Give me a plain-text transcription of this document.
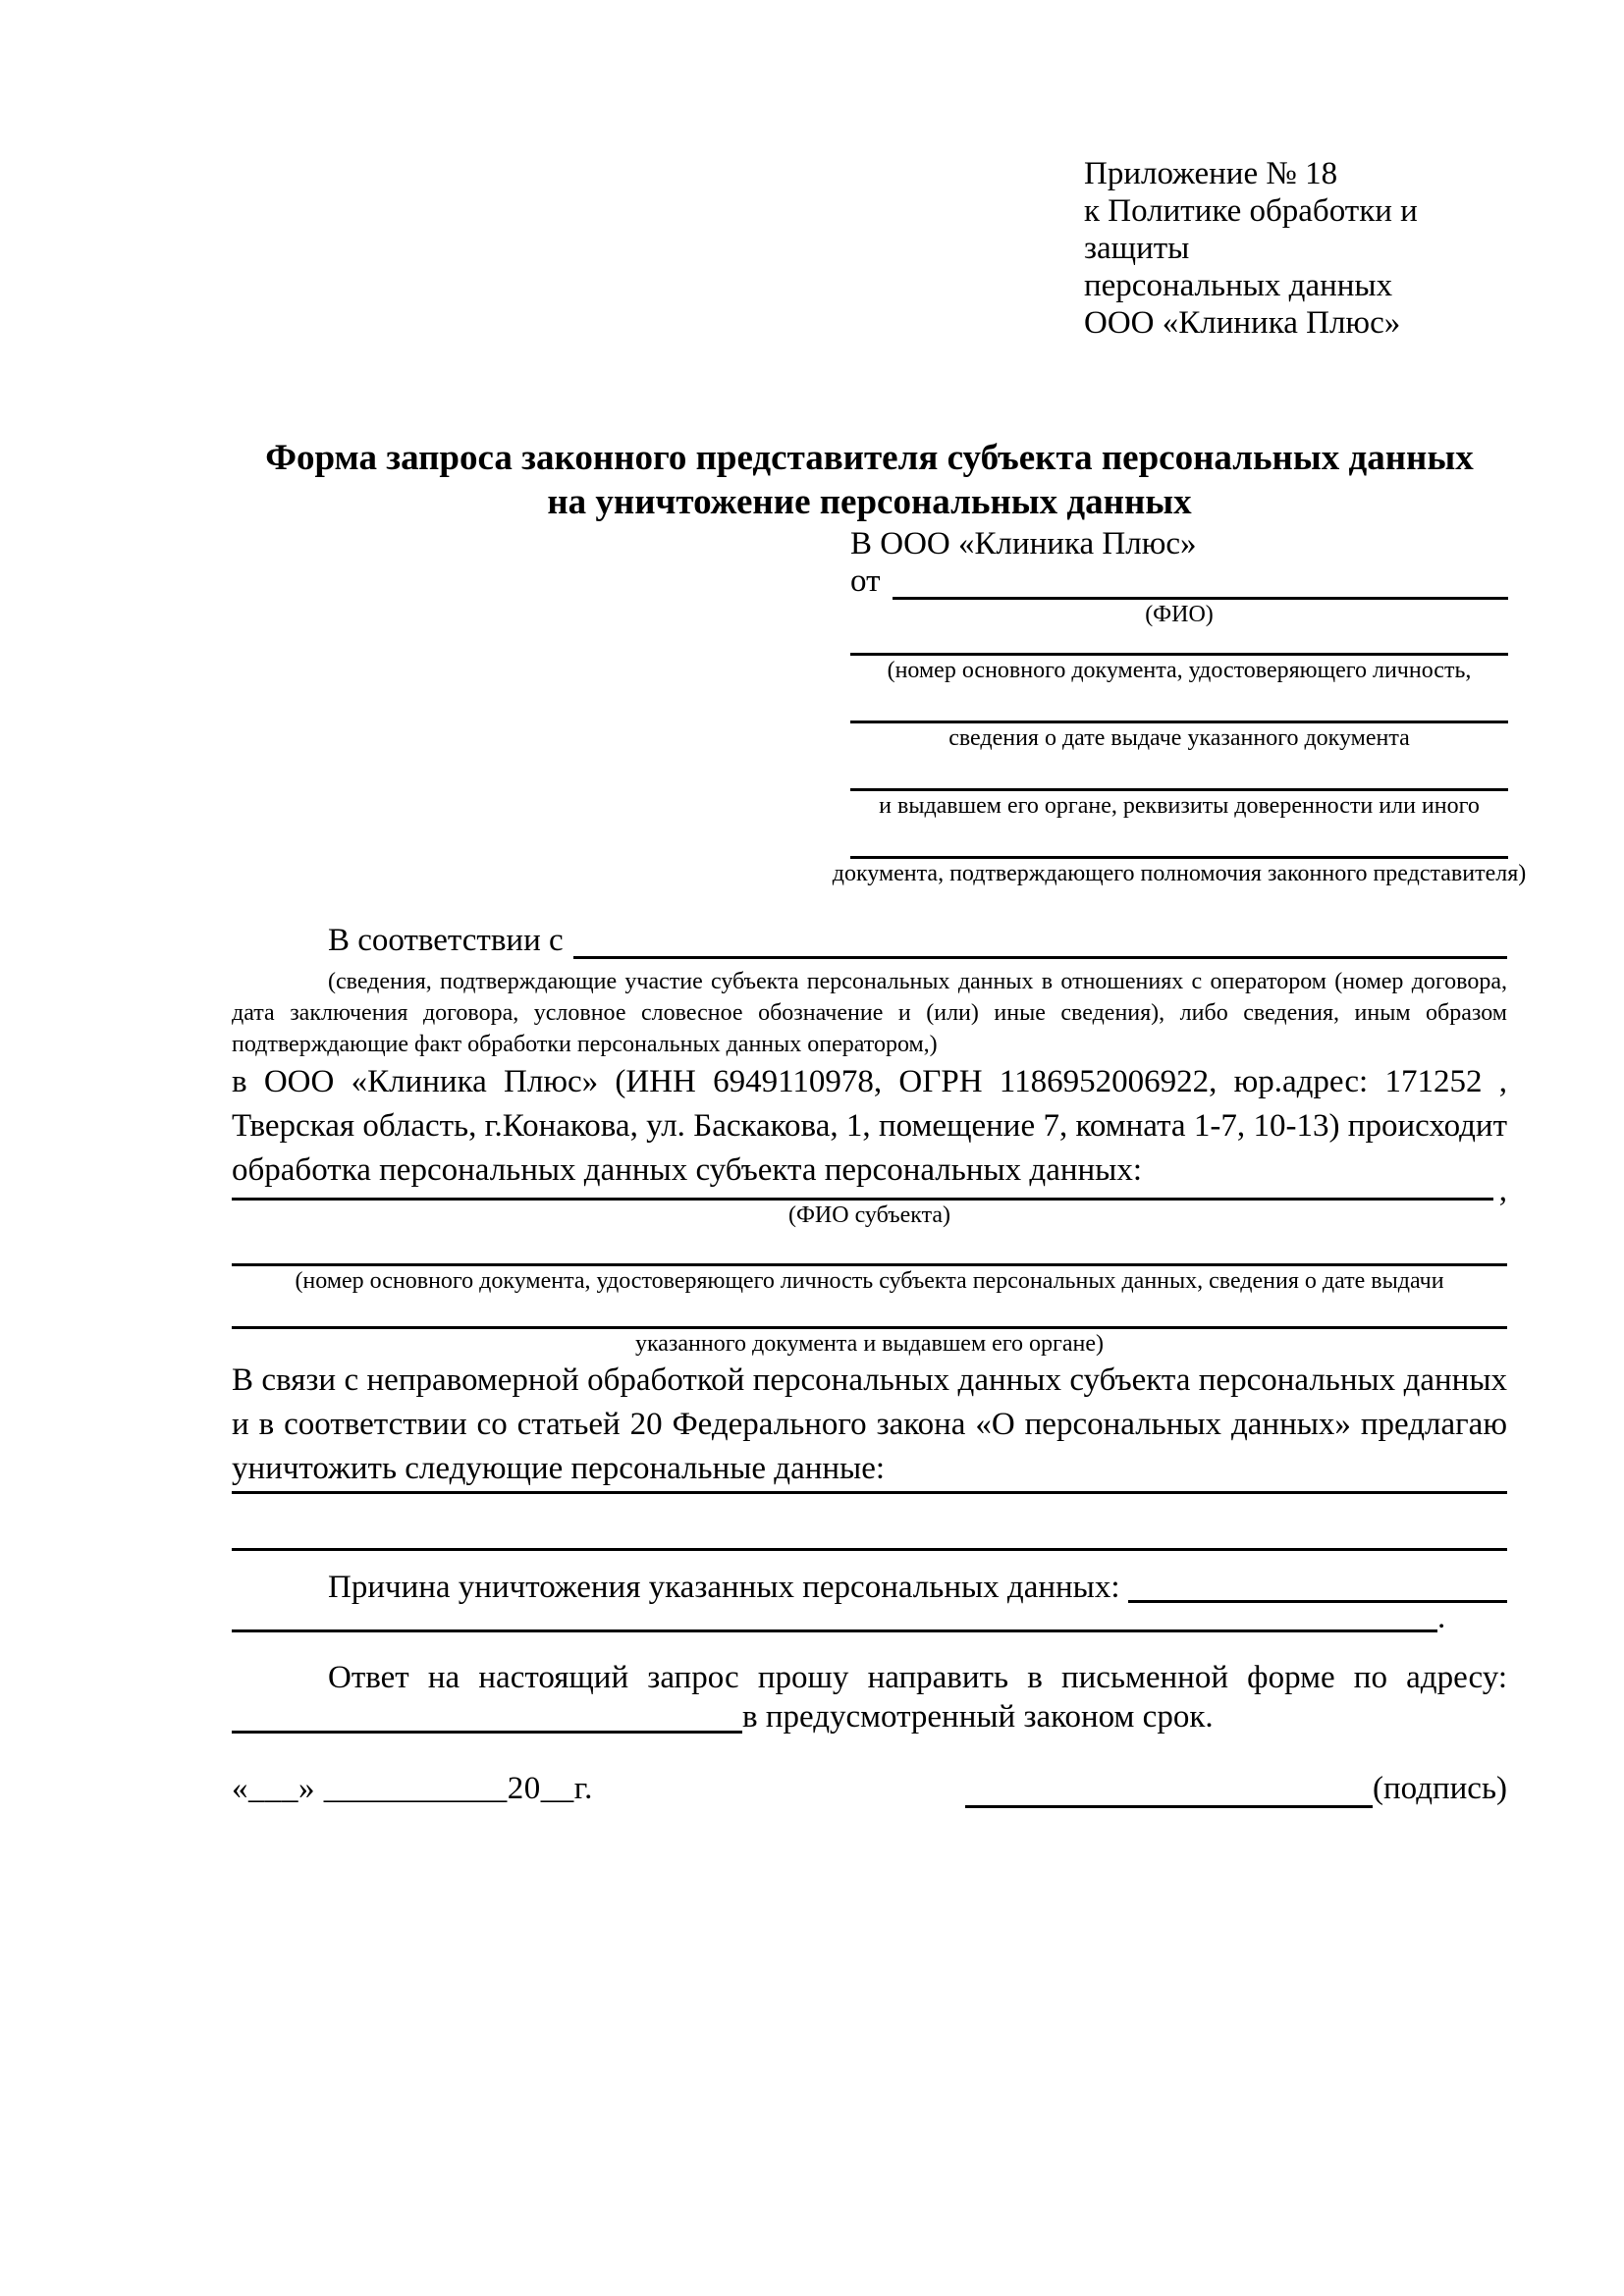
Приложение № 18
к Политике обработки и защиты
персональных данных
ООО «Клиника Плюс»
Форма запроса законного представителя субъекта персональных данных
на уничтожение персональных данных
В ООО «Клиника Плюс»
от
(ФИО)
(номер основного документа, удостоверяющего личность,
сведения о дате выдаче указанного документа
и выдавшем его органе, реквизиты доверенности или иного
документа, подтверждающего полномочия законного представителя)
В соответствии с
(сведения, подтверждающие участие субъекта персональных данных в отношениях с оператором (номер договора, дата заключения договора, условное словесное обозначение и (или) иные сведения), либо сведения, иным образом подтверждающие факт обработки персональных данных оператором,)
в ООО «Клиника Плюс» (ИНН 6949110978, ОГРН 1186952006922, юр.адрес: 171252 , Тверская область, г.Конакова, ул. Баскакова, 1, помещение 7, комната 1-7, 10-13) происходит обработка персональных данных субъекта персональных данных:
,
(ФИО субъекта)
(номер основного документа, удостоверяющего личность субъекта персональных данных, сведения о дате выдачи
указанного документа и выдавшем его органе)
В связи с неправомерной обработкой персональных данных субъекта персональных данных и в соответствии со статьей 20 Федерального закона «О персональных данных» предлагаю уничтожить следующие персональные данные:
Причина уничтожения указанных персональных данных:
.
Ответ на настоящий запрос прошу направить в письменной форме по адресу:
в предусмотренный законом срок.
«___» ___________20__г.	(подпись)
